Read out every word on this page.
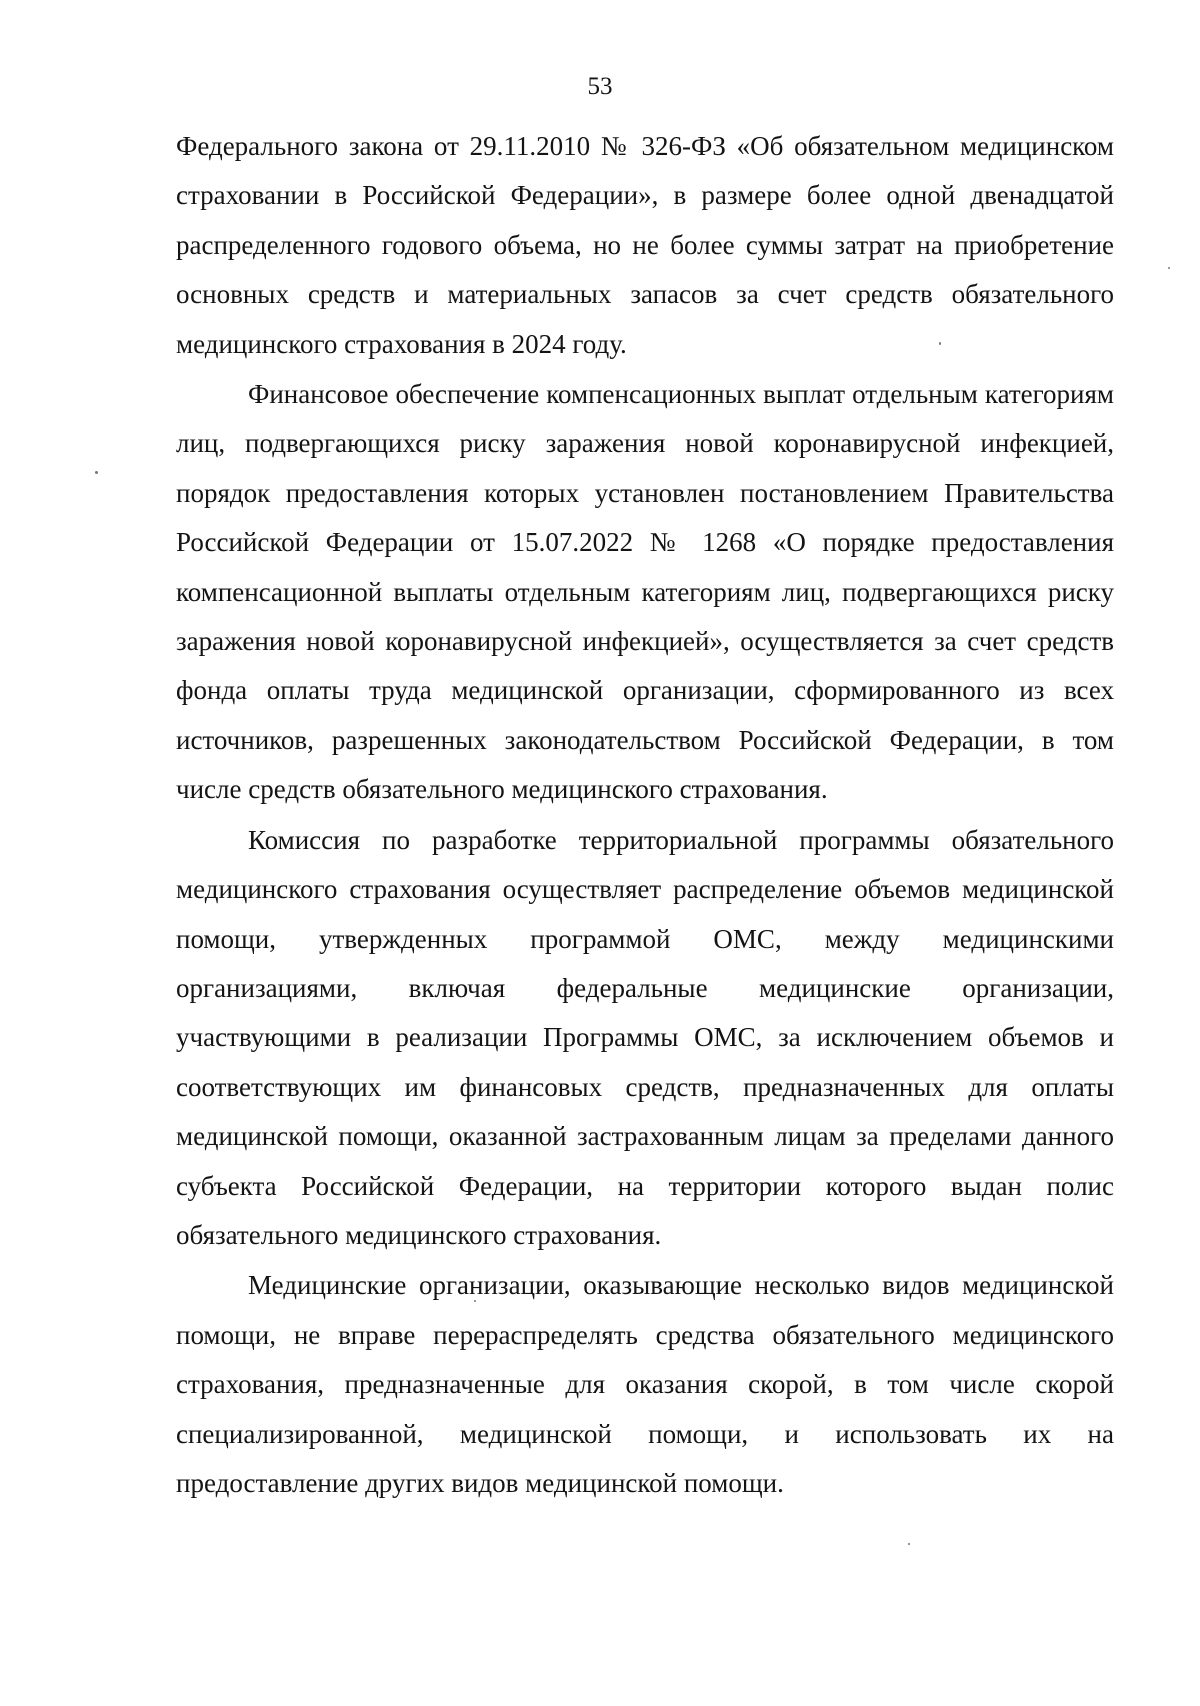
53

Федерального закона от 29.11.2010 № 326-ФЗ «Об обязательном медицинском страховании в Российской Федерации», в размере более одной двенадцатой распределенного годового объема, но не более суммы затрат на приобретение основных средств и материальных запасов за счет средств обязательного медицинского страхования в 2024 году.

Финансовое обеспечение компенсационных выплат отдельным категориям лиц, подвергающихся риску заражения новой коронавирусной инфекцией, порядок предоставления которых установлен постановлением Правительства Российской Федерации от 15.07.2022 № 1268 «О порядке предоставления компенсационной выплаты отдельным категориям лиц, подвергающихся риску заражения новой коронавирусной инфекцией», осуществляется за счет средств фонда оплаты труда медицинской организации, сформированного из всех источников, разрешенных законодательством Российской Федерации, в том числе средств обязательного медицинского страхования.

Комиссия по разработке территориальной программы обязательного медицинского страхования осуществляет распределение объемов медицинской помощи, утвержденных программой ОМС, между медицинскими организациями, включая федеральные медицинские организации, участвующими в реализации Программы ОМС, за исключением объемов и соответствующих им финансовых средств, предназначенных для оплаты медицинской помощи, оказанной застрахованным лицам за пределами данного субъекта Российской Федерации, на территории которого выдан полис обязательного медицинского страхования.

Медицинские организации, оказывающие несколько видов медицинской помощи, не вправе перераспределять средства обязательного медицинского страхования, предназначенные для оказания скорой, в том числе скорой специализированной, медицинской помощи, и использовать их на предоставление других видов медицинской помощи.
